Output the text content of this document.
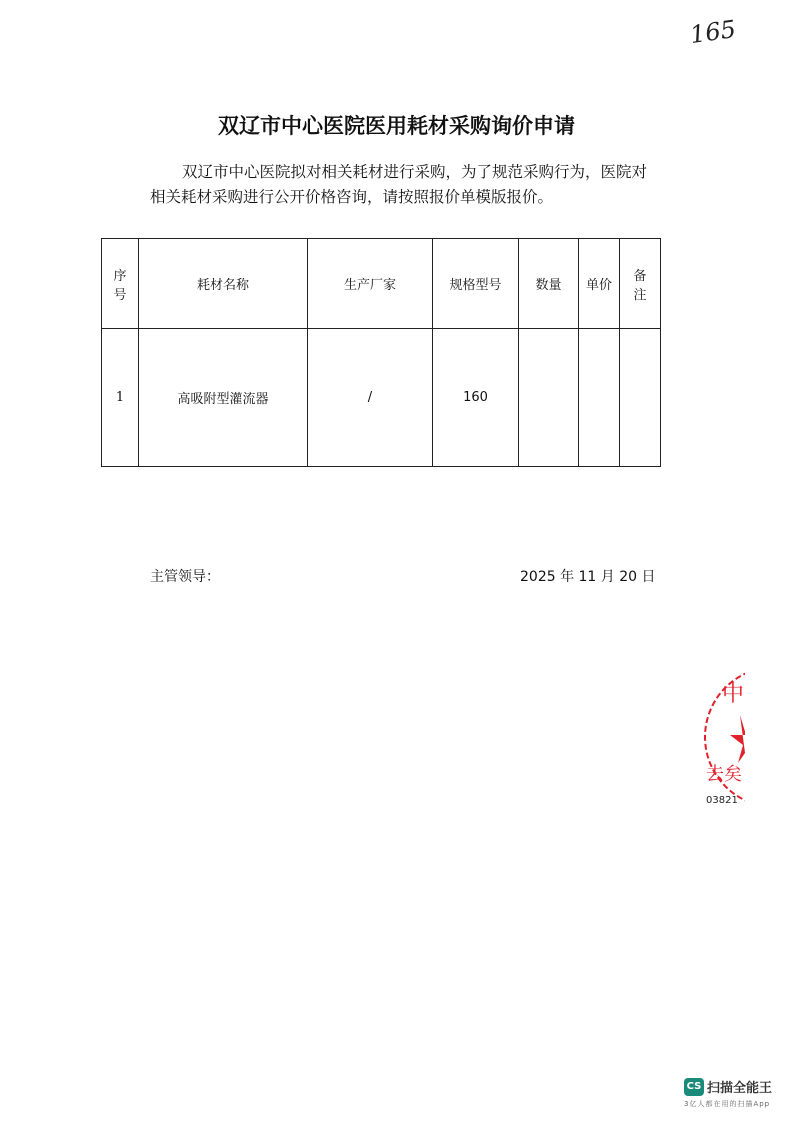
165
双辽市中心医院医用耗材采购询价申请
双辽市中心医院拟对相关耗材进行采购，为了规范采购行为，医院对相关耗材采购进行公开价格咨询，请按照报价单模版报价。
序号	耗材名称	生产厂家	规格型号	数量	单价	备注
1	高吸附型灌流器	/	160			
主管领导：	2025 年 11 月 20 日
中
去矣
03821
CS 扫描全能王
3亿人都在用的扫描App
